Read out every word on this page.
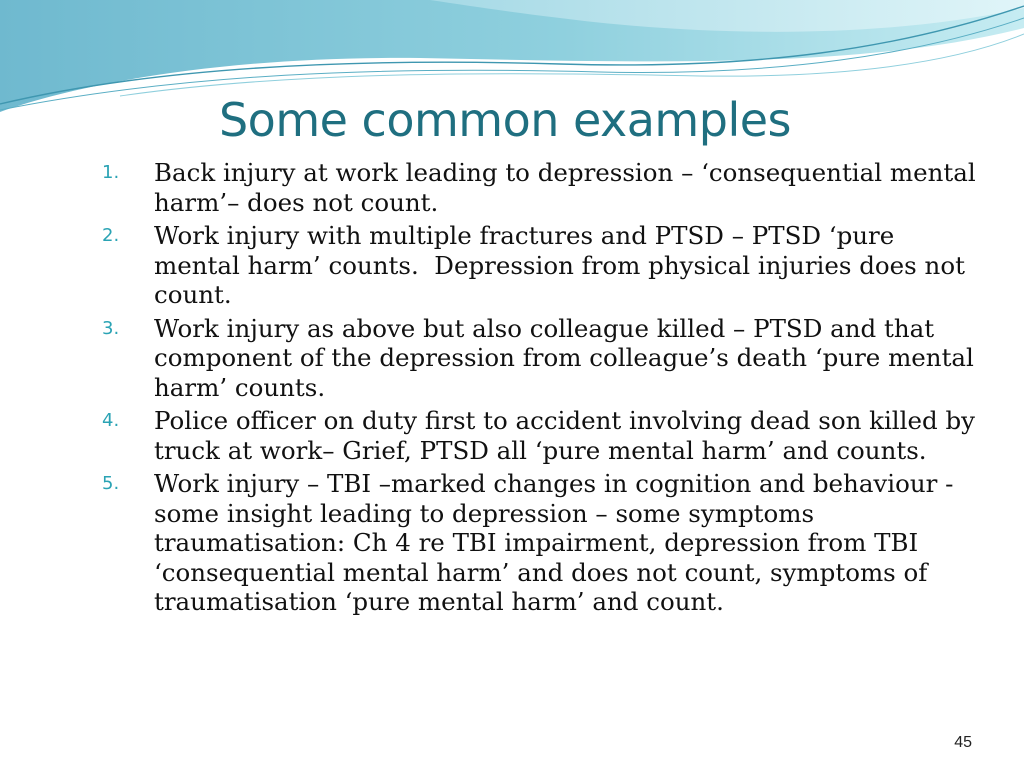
Some common examples
1.	Back injury at work leading to depression – ‘consequential mental harm’– does not count.
2.	Work injury with multiple fractures and PTSD – PTSD ‘pure mental harm’ counts.  Depression from physical injuries does not count.
3.	Work injury as above but also colleague killed – PTSD and that component of the depression from colleague’s death ‘pure mental harm’ counts.
4.	Police officer on duty first to accident involving dead son killed by truck at work– Grief, PTSD all ‘pure mental harm’ and counts.
5.	Work injury – TBI –marked changes in cognition and behaviour -   some insight leading to depression – some symptoms traumatisation: Ch 4 re TBI impairment, depression from TBI ‘consequential mental harm’ and does not count, symptoms of traumatisation ‘pure mental harm’ and count.
45
